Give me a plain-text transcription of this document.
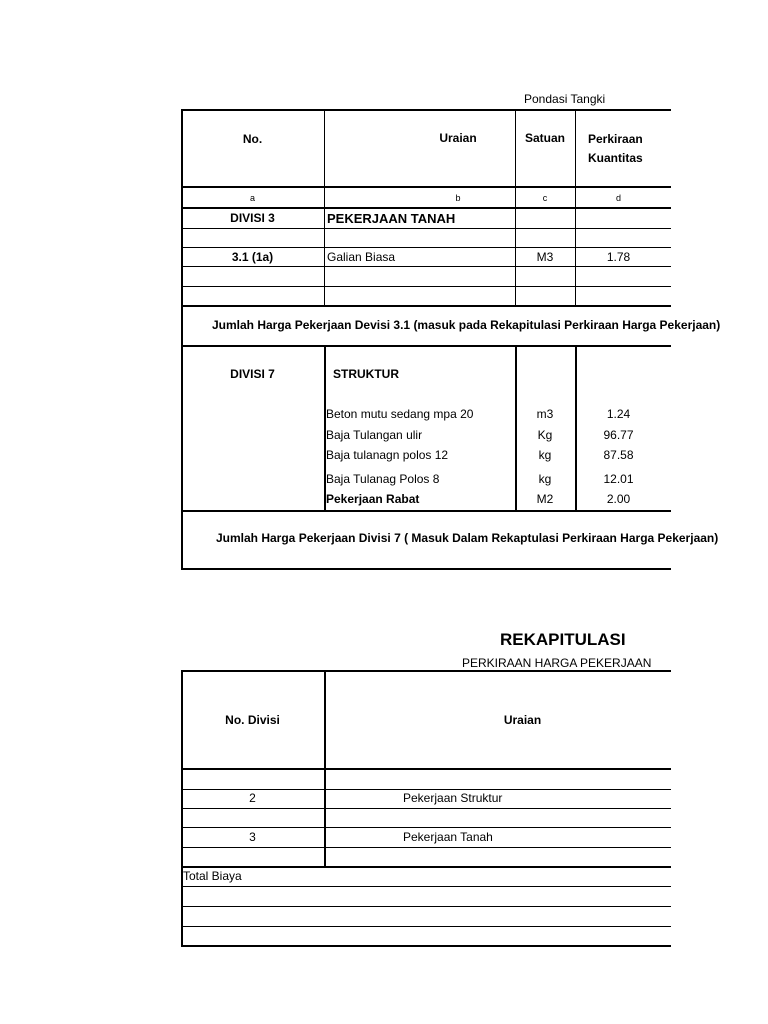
Pondasi Tangki
No.	Uraian	Satuan	Perkiraan
Kuantitas
a	b	c	d
DIVISI 3	PEKERJAAN TANAH
3.1 (1a)	Galian Biasa	M3	1.78
Jumlah Harga Pekerjaan Devisi 3.1 (masuk pada Rekapitulasi Perkiraan Harga Pekerjaan)
DIVISI 7	STRUKTUR
Beton mutu sedang mpa 20	m3	1.24
Baja Tulangan ulir	Kg	96.77
Baja tulanagn polos 12	kg	87.58
Baja Tulanag Polos 8	kg	12.01
Pekerjaan Rabat	M2	2.00
Jumlah Harga Pekerjaan Divisi 7 ( Masuk Dalam Rekaptulasi Perkiraan Harga Pekerjaan)
REKAPITULASI
PERKIRAAN HARGA PEKERJAAN
No. Divisi	Uraian
2	Pekerjaan Struktur
3	Pekerjaan Tanah
Total Biaya
